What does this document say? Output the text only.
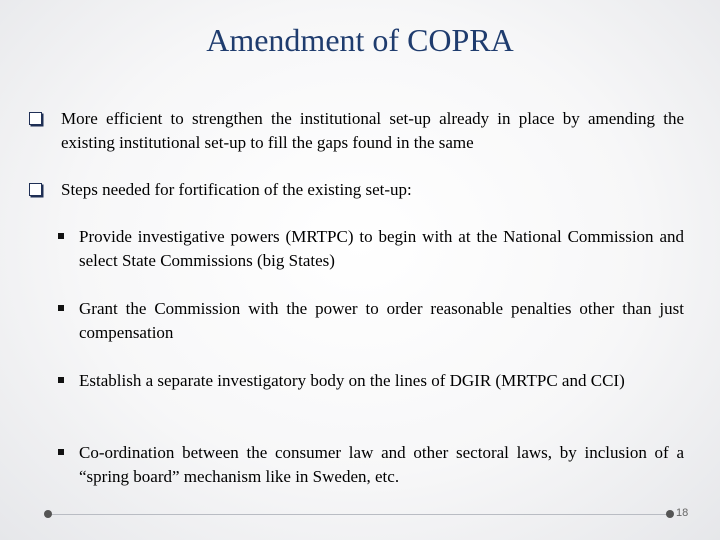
Amendment of COPRA
More efficient to strengthen the institutional set-up already in place by amending the existing institutional set-up to fill the gaps found in the same
Steps needed for fortification of the existing set-up:
Provide investigative powers (MRTPC) to begin with at the National Commission and select State Commissions (big States)
Grant the Commission with the power to order reasonable penalties other than just compensation
Establish a separate investigatory body on the lines of DGIR (MRTPC and CCI)
Co-ordination between the consumer law and other sectoral laws, by inclusion of a “spring board” mechanism like in Sweden, etc.
18
